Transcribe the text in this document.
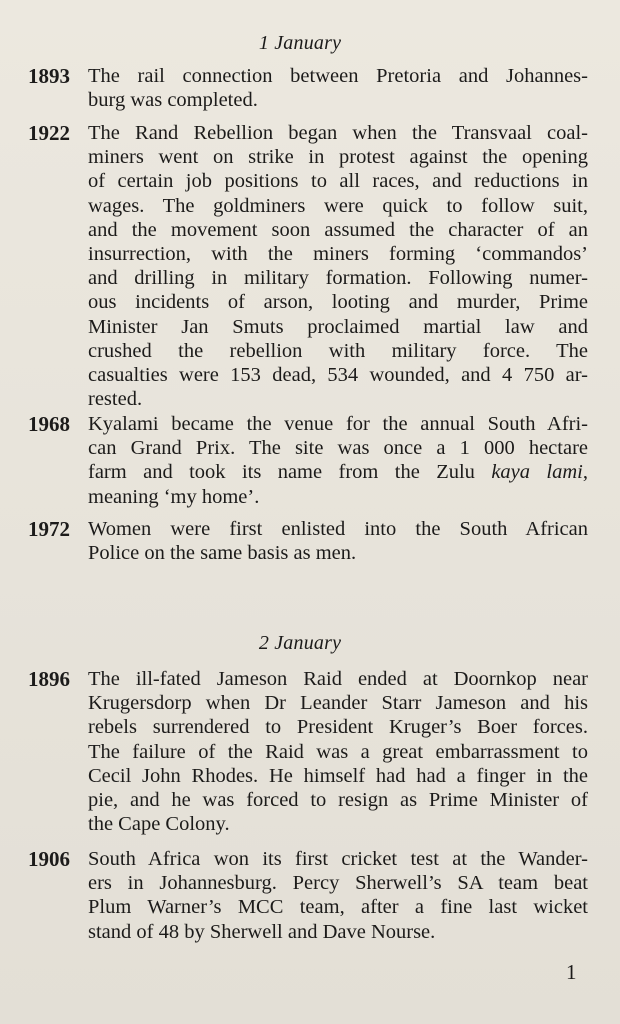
1 January
1893 The rail connection between Pretoria and Johannes-
burg was completed.
1922 The Rand Rebellion began when the Transvaal coal-
miners went on strike in protest against the opening
of certain job positions to all races, and reductions in
wages. The goldminers were quick to follow suit,
and the movement soon assumed the character of an
insurrection, with the miners forming ‘commandos’
and drilling in military formation. Following numer-
ous incidents of arson, looting and murder, Prime
Minister Jan Smuts proclaimed martial law and
crushed the rebellion with military force. The
casualties were 153 dead, 534 wounded, and 4 750 ar-
rested.
1968 Kyalami became the venue for the annual South Afri-
can Grand Prix. The site was once a 1 000 hectare
farm and took its name from the Zulu kaya lami,
meaning ‘my home’.
1972 Women were first enlisted into the South African
Police on the same basis as men.
2 January
1896 The ill-fated Jameson Raid ended at Doornkop near
Krugersdorp when Dr Leander Starr Jameson and his
rebels surrendered to President Kruger’s Boer forces.
The failure of the Raid was a great embarrassment to
Cecil John Rhodes. He himself had had a finger in the
pie, and he was forced to resign as Prime Minister of
the Cape Colony.
1906 South Africa won its first cricket test at the Wander-
ers in Johannesburg. Percy Sherwell’s SA team beat
Plum Warner’s MCC team, after a fine last wicket
stand of 48 by Sherwell and Dave Nourse.
1
